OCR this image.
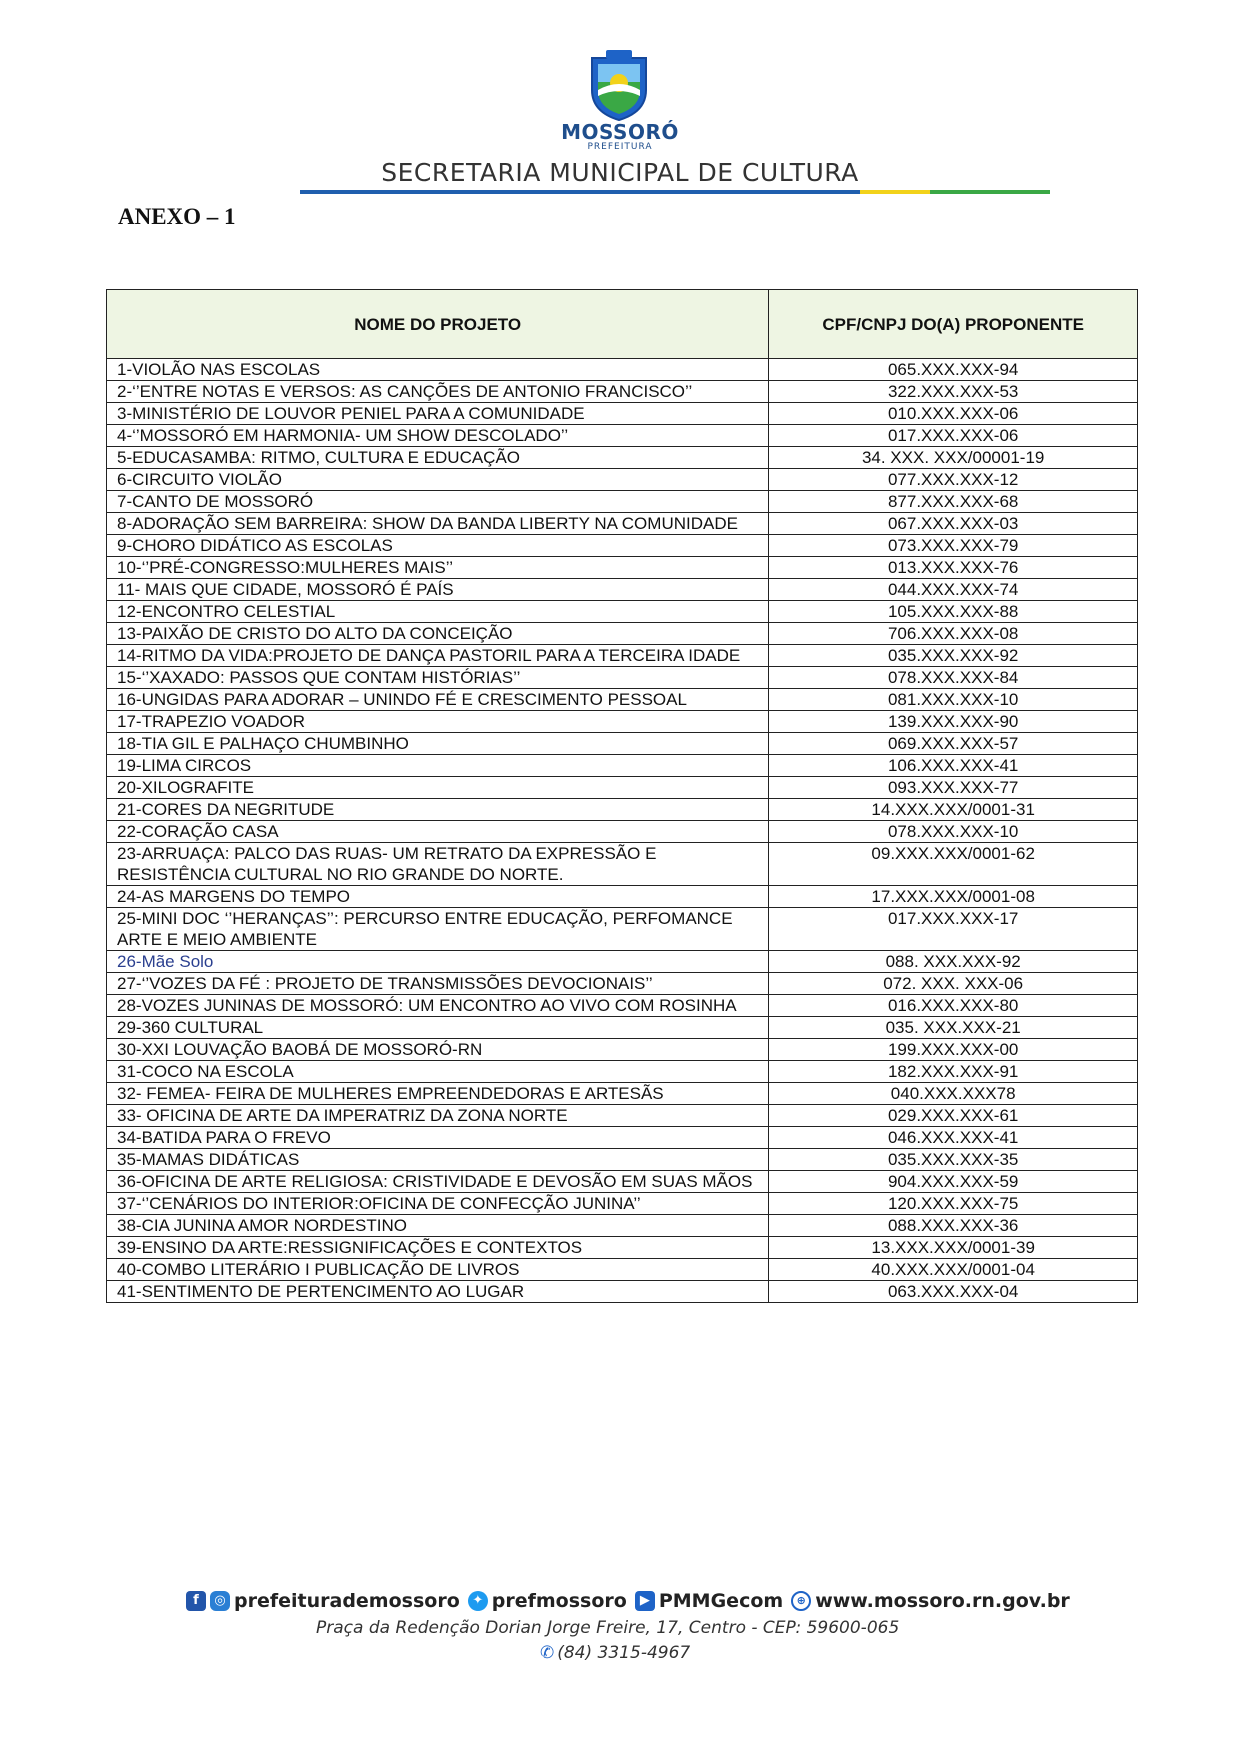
MOSSORÓ
PREFEITURA
SECRETARIA MUNICIPAL DE CULTURA
ANEXO – 1
NOME DO PROJETO	CPF/CNPJ DO(A) PROPONENTE
1-VIOLÃO NAS ESCOLAS	065.XXX.XXX-94
2-‘’ENTRE NOTAS E VERSOS: AS CANÇÕES DE ANTONIO FRANCISCO’’	322.XXX.XXX-53
3-MINISTÉRIO DE LOUVOR PENIEL PARA A COMUNIDADE	010.XXX.XXX-06
4-‘’MOSSORÓ EM HARMONIA- UM SHOW DESCOLADO’’	017.XXX.XXX-06
5-EDUCASAMBA: RITMO, CULTURA E EDUCAÇÃO	34. XXX. XXX/00001-19
6-CIRCUITO VIOLÃO	077.XXX.XXX-12
7-CANTO DE MOSSORÓ	877.XXX.XXX-68
8-ADORAÇÃO SEM BARREIRA: SHOW DA BANDA LIBERTY NA COMUNIDADE	067.XXX.XXX-03
9-CHORO DIDÁTICO AS ESCOLAS	073.XXX.XXX-79
10-‘’PRÉ-CONGRESSO:MULHERES MAIS’’	013.XXX.XXX-76
11- MAIS QUE CIDADE, MOSSORÓ É PAÍS	044.XXX.XXX-74
12-ENCONTRO CELESTIAL	105.XXX.XXX-88
13-PAIXÃO DE CRISTO DO ALTO DA CONCEIÇÃO	706.XXX.XXX-08
14-RITMO DA VIDA:PROJETO DE DANÇA PASTORIL PARA A TERCEIRA IDADE	035.XXX.XXX-92
15-‘’XAXADO: PASSOS QUE CONTAM HISTÓRIAS’’	078.XXX.XXX-84
16-UNGIDAS PARA ADORAR – UNINDO FÉ E CRESCIMENTO PESSOAL	081.XXX.XXX-10
17-TRAPEZIO VOADOR	139.XXX.XXX-90
18-TIA GIL E PALHAÇO CHUMBINHO	069.XXX.XXX-57
19-LIMA CIRCOS	106.XXX.XXX-41
20-XILOGRAFITE	093.XXX.XXX-77
21-CORES DA NEGRITUDE	14.XXX.XXX/0001-31
22-CORAÇÃO CASA	078.XXX.XXX-10
23-ARRUAÇA: PALCO DAS RUAS- UM RETRATO DA EXPRESSÃO E RESISTÊNCIA CULTURAL NO RIO GRANDE DO NORTE.	09.XXX.XXX/0001-62
24-AS MARGENS DO TEMPO	17.XXX.XXX/0001-08
25-MINI DOC ‘’HERANÇAS’’: PERCURSO ENTRE EDUCAÇÃO, PERFOMANCE ARTE E MEIO AMBIENTE	017.XXX.XXX-17
26-Mãe Solo	088. XXX.XXX-92
27-‘’VOZES DA FÉ : PROJETO DE TRANSMISSÕES DEVOCIONAIS’’	072. XXX. XXX-06
28-VOZES JUNINAS DE MOSSORÓ: UM ENCONTRO AO VIVO COM ROSINHA	016.XXX.XXX-80
29-360 CULTURAL	035. XXX.XXX-21
30-XXI LOUVAÇÃO BAOBÁ DE MOSSORÓ-RN	199.XXX.XXX-00
31-COCO NA ESCOLA	182.XXX.XXX-91
32- FEMEA- FEIRA DE MULHERES EMPREENDEDORAS E ARTESÃS	040.XXX.XXX78
33- OFICINA DE ARTE DA IMPERATRIZ DA ZONA NORTE	029.XXX.XXX-61
34-BATIDA PARA O FREVO	046.XXX.XXX-41
35-MAMAS DIDÁTICAS	035.XXX.XXX-35
36-OFICINA DE ARTE RELIGIOSA: CRISTIVIDADE E DEVOSÃO EM SUAS MÃOS	904.XXX.XXX-59
37-‘’CENÁRIOS DO INTERIOR:OFICINA DE CONFECÇÃO JUNINA’’	120.XXX.XXX-75
38-CIA JUNINA AMOR NORDESTINO	088.XXX.XXX-36
39-ENSINO DA ARTE:RESSIGNIFICAÇÕES E CONTEXTOS	13.XXX.XXX/0001-39
40-COMBO LITERÁRIO I PUBLICAÇÃO DE LIVROS	40.XXX.XXX/0001-04
41-SENTIMENTO DE PERTENCIMENTO AO LUGAR	063.XXX.XXX-04
f	◎ prefeiturademossoro ✦ prefmossoro	▶ PMMGecom	⊕ www.mossoro.rn.gov.br
Praça da Redenção Dorian Jorge Freire, 17, Centro - CEP: 59600-065
✆ (84) 3315-4967
